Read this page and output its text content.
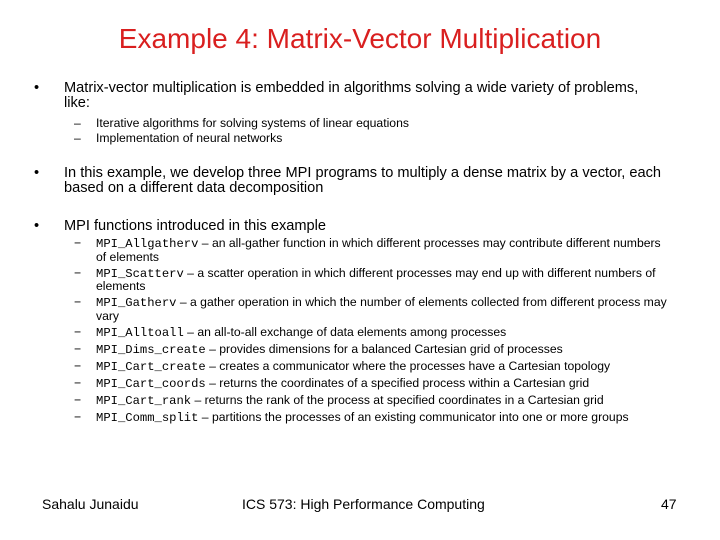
Example 4: Matrix-Vector Multiplication
• Matrix-vector multiplication is embedded in algorithms solving a wide variety of problems, like:
– Iterative algorithms for solving systems of linear equations
– Implementation of neural networks
• In this example, we develop three MPI programs to multiply a dense matrix by a vector, each based on a different data decomposition
• MPI functions introduced in this example
− MPI_Allgatherv – an all-gather function in which different processes may contribute different numbers of elements
− MPI_Scatterv – a scatter operation in which different processes may end up with different numbers of elements
− MPI_Gatherv – a gather operation in which the number of elements collected from different process may vary
− MPI_Alltoall – an all-to-all exchange of data elements among processes
− MPI_Dims_create – provides dimensions for a balanced Cartesian grid of processes
− MPI_Cart_create – creates a communicator where the processes have a Cartesian topology
− MPI_Cart_coords – returns the coordinates of a specified process within a Cartesian grid
− MPI_Cart_rank – returns the rank of the process at specified coordinates in a Cartesian grid
− MPI_Comm_split – partitions the processes of an existing communicator into one or more groups
Sahalu Junaidu	ICS 573: High Performance Computing	47
